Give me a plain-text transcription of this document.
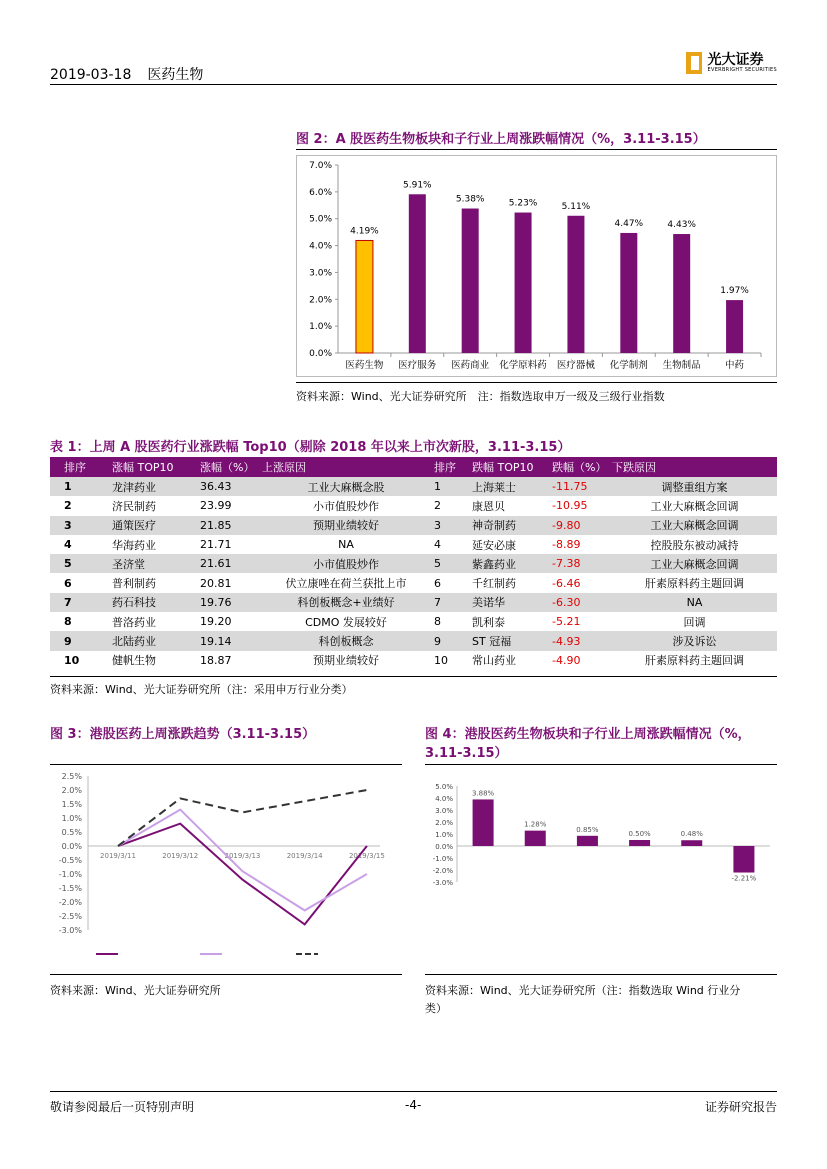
2019-03-18 医药生物
光大证券
EVERBRIGHT SECURITIES
图 2：A 股医药生物板块和子行业上周涨跌幅情况（%，3.11-3.15）
0.0%
1.0%
2.0%
3.0%
4.0%
5.0%
6.0%
7.0%
4.19%
医药生物
5.91%
医疗服务
5.38%
医药商业
5.23%
化学原料药
5.11%
医疗器械
4.47%
化学制剂
4.43%
生物制品
1.97%
中药
资料来源：Wind、光大证券研究所　注：指数选取申万一级及三级行业指数
表 1：上周 A 股医药行业涨跌幅 Top10（剔除 2018 年以来上市次新股，3.11-3.15）
排序	涨幅 TOP10	涨幅（%）	上涨原因	排序	跌幅 TOP10	跌幅（%）	下跌原因
1	龙津药业	36.43	工业大麻概念股	1	上海莱士	-11.75	调整重组方案
2	济民制药	23.99	小市值股炒作	2	康恩贝	-10.95	工业大麻概念回调
3	通策医疗	21.85	预期业绩较好	3	神奇制药	-9.80	工业大麻概念回调
4	华海药业	21.71	NA	4	延安必康	-8.89	控股股东被动减持
5	圣济堂	21.61	小市值股炒作	5	紫鑫药业	-7.38	工业大麻概念回调
6	普利制药	20.81	伏立康唑在荷兰获批上市	6	千红制药	-6.46	肝素原料药主题回调
7	药石科技	19.76	科创板概念+业绩好	7	美诺华	-6.30	NA
8	普洛药业	19.20	CDMO 发展较好	8	凯利泰	-5.21	回调
9	北陆药业	19.14	科创板概念	9	ST 冠福	-4.93	涉及诉讼
10	健帆生物	18.87	预期业绩较好	10	常山药业	-4.90	肝素原料药主题回调
资料来源：Wind、光大证券研究所（注：采用申万行业分类）
图 3：港股医药上周涨跌趋势（3.11-3.15）
-3.0%
-2.5%
-2.0%
-1.5%
-1.0%
-0.5%
0.0%
0.5%
1.0%
1.5%
2.0%
2.5%
2019/3/11	2019/3/12	2019/3/13	2019/3/14	2019/3/15
资料来源：Wind、光大证券研究所
图 4：港股医药生物板块和子行业上周涨跌幅情况（%，
3.11-3.15）
-3.0%
-2.0%
-1.0%
0.0%
1.0%
2.0%
3.0%
4.0%
5.0%
3.88%
1.28%
0.85%
0.50%	0.48%
-2.21%
资料来源：Wind、光大证券研究所（注：指数选取 Wind 行业分
类）
敬请参阅最后一页特别声明	-4-	证券研究报告
